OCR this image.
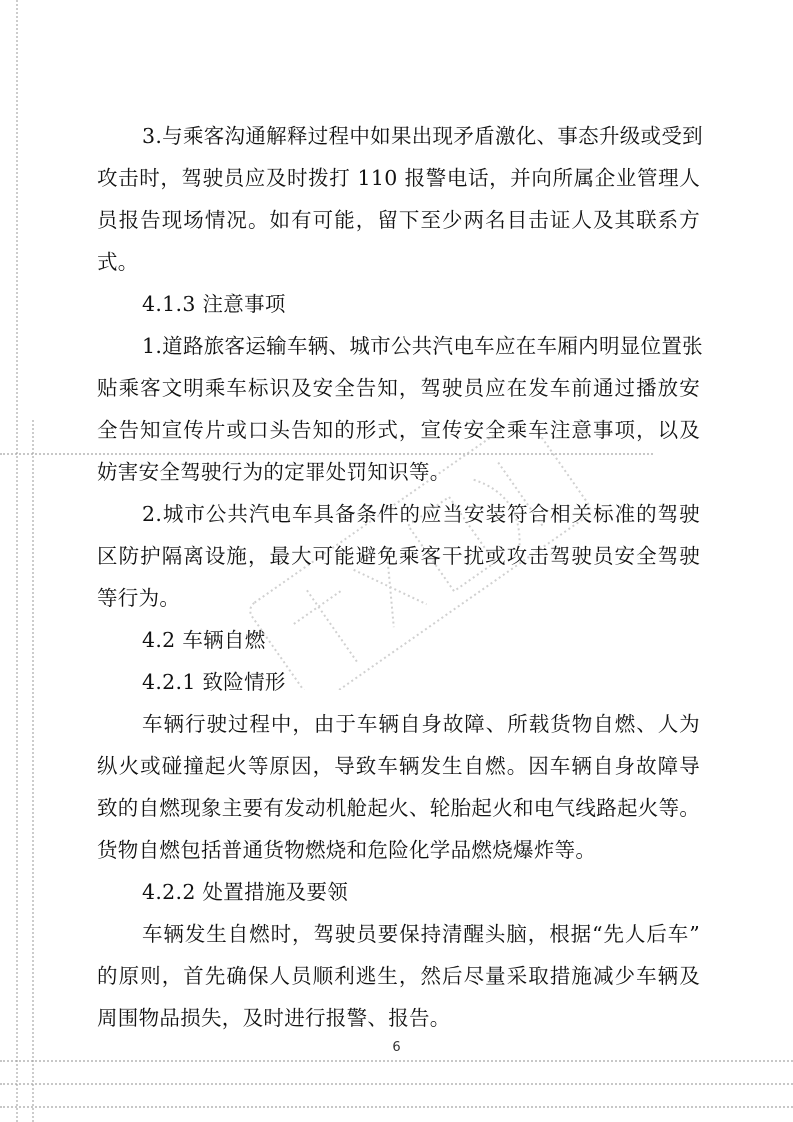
3.与乘客沟通解释过程中如果出现矛盾激化、事态升级或受到
攻击时，驾驶员应及时拨打 110 报警电话，并向所属企业管理人
员报告现场情况。如有可能，留下至少两名目击证人及其联系方
式。
4.1.3 注意事项
1.道路旅客运输车辆、城市公共汽电车应在车厢内明显位置张
贴乘客文明乘车标识及安全告知，驾驶员应在发车前通过播放安
全告知宣传片或口头告知的形式，宣传安全乘车注意事项，以及
妨害安全驾驶行为的定罪处罚知识等。
2.城市公共汽电车具备条件的应当安装符合相关标准的驾驶
区防护隔离设施，最大可能避免乘客干扰或攻击驾驶员安全驾驶
等行为。
4.2 车辆自燃
4.2.1 致险情形
车辆行驶过程中，由于车辆自身故障、所载货物自燃、人为
纵火或碰撞起火等原因，导致车辆发生自燃。因车辆自身故障导
致的自燃现象主要有发动机舱起火、轮胎起火和电气线路起火等。
货物自燃包括普通货物燃烧和危险化学品燃烧爆炸等。
4.2.2 处置措施及要领
车辆发生自燃时，驾驶员要保持清醒头脑，根据“先人后车”
的原则，首先确保人员顺利逃生，然后尽量采取措施减少车辆及
周围物品损失，及时进行报警、报告。
6
